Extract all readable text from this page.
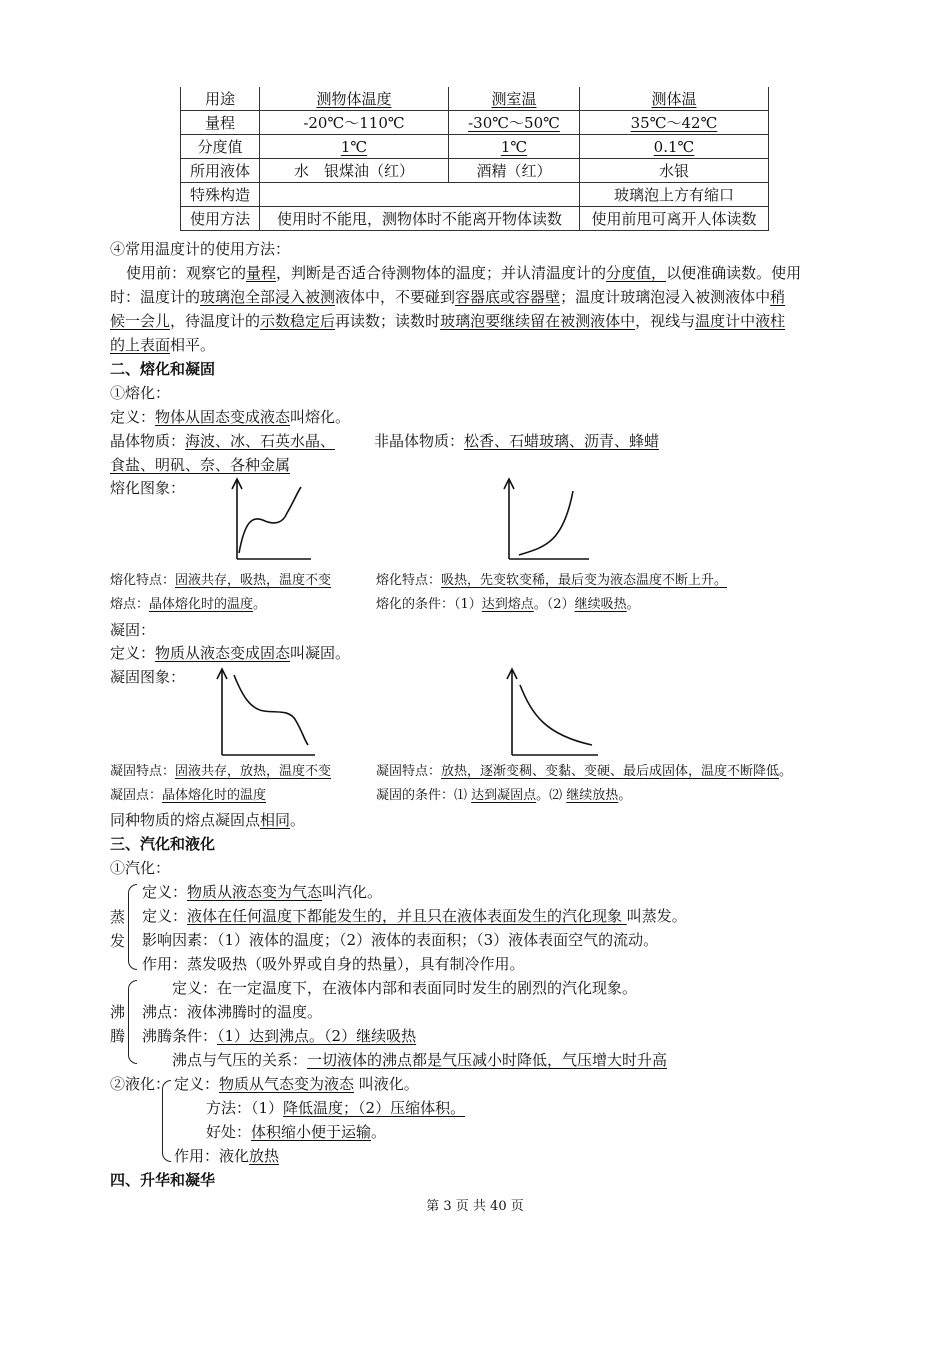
用途	测物体温度	测室温	测体温
量程	-20℃～110℃	-30℃～50℃	35℃～42℃
分度值	1℃	1℃	0.1℃
所用液体	水　银煤油（红）	酒精（红）	水银
特殊构造			玻璃泡上方有缩口
使用方法	使用时不能甩，测物体时不能离开物体读数		使用前甩可离开人体读数
④常用温度计的使用方法：
使用前：观察它的量程，判断是否适合待测物体的温度；并认清温度计的分度值，以便准确读数。使用
时：温度计的玻璃泡全部浸入被测液体中，不要碰到容器底或容器壁；温度计玻璃泡浸入被测液体中稍
候一会儿，待温度计的示数稳定后再读数；读数时玻璃泡要继续留在被测液体中，视线与温度计中液柱
的上表面相平。
二、熔化和凝固
①熔化：
定义：物体从固态变成液态叫熔化。
晶体物质：海波、冰、石英水晶、	非晶体物质：松香、石蜡玻璃、沥青、蜂蜡
食盐、明矾、奈、各种金属
熔化图象：
熔化特点：固液共存，吸热，温度不变
熔点：晶体熔化时的温度。
熔化特点：吸热，先变软变稀，最后变为液态温度不断上升。
熔化的条件：（1）达到熔点。（2）继续吸热。
凝固：
定义：物质从液态变成固态叫凝固。
凝固图象：
凝固特点：固液共存，放热，温度不变
凝固点：晶体熔化时的温度
凝固特点：放热，逐渐变稠、变黏、变硬、最后成固体，温度不断降低。
凝固的条件：⑴ 达到凝固点。⑵ 继续放热。
同种物质的熔点凝固点相同。
三、汽化和液化
①汽化：
蒸
发
定义：物质从液态变为气态叫汽化。
定义：液体在任何温度下都能发生的，并且只在液体表面发生的汽化现象 叫蒸发。
影响因素：（1）液体的温度；（2）液体的表面积；（3）液体表面空气的流动。
作用：蒸发吸热（吸外界或自身的热量），具有制冷作用。
沸
腾
定义：在一定温度下，在液体内部和表面同时发生的剧烈的汽化现象。
沸点：液体沸腾时的温度。
沸腾条件：（1）达到沸点。（2）继续吸热
沸点与气压的关系：一切液体的沸点都是气压减小时降低，气压增大时升高
②液化： 定义：物质从气态变为液态 叫液化。
方法：（1）降低温度；（2）压缩体积。
好处：体积缩小便于运输。
作用：液化放热
四、升华和凝华
第 3 页 共 40 页
